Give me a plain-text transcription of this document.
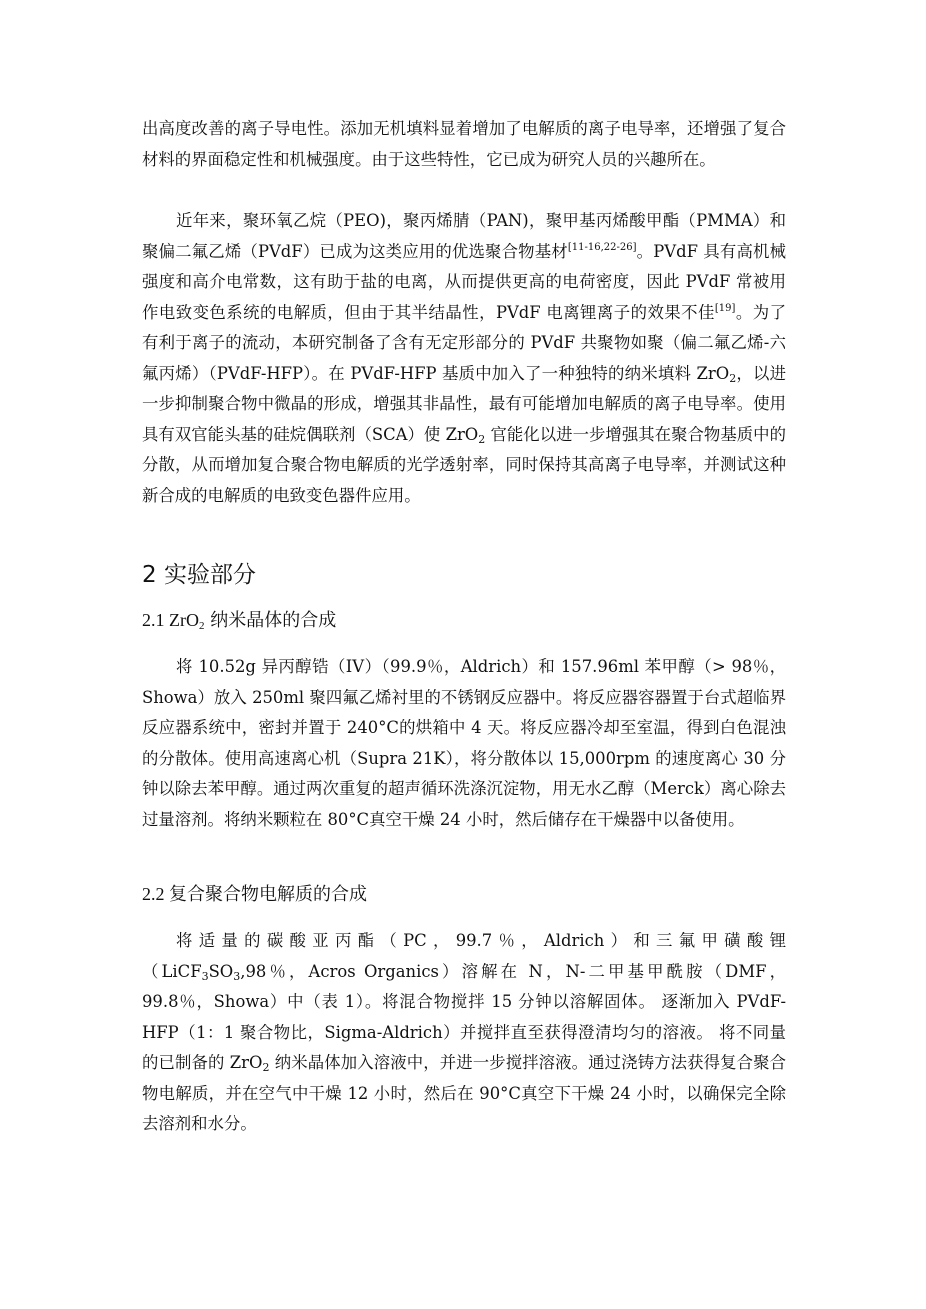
出高度改善的离子导电性。添加无机填料显着增加了电解质的离子电导率，还增强了复合材料的界面稳定性和机械强度。由于这些特性，它已成为研究人员的兴趣所在。

近年来，聚环氧乙烷（PEO)，聚丙烯腈（PAN)，聚甲基丙烯酸甲酯（PMMA）和聚偏二氟乙烯（PVdF）已成为这类应用的优选聚合物基材[11-16,22-26]。PVdF 具有高机械强度和高介电常数，这有助于盐的电离，从而提供更高的电荷密度，因此 PVdF 常被用作电致变色系统的电解质，但由于其半结晶性，PVdF 电离锂离子的效果不佳[19]。为了有利于离子的流动，本研究制备了含有无定形部分的 PVdF 共聚物如聚（偏二氟乙烯-六氟丙烯）（PVdF-HFP）。在 PVdF-HFP 基质中加入了一种独特的纳米填料 ZrO$_2$，以进一步抑制聚合物中微晶的形成，增强其非晶性，最有可能增加电解质的离子电导率。使用具有双官能头基的硅烷偶联剂（SCA）使 ZrO$_2$ 官能化以进一步增强其在聚合物基质中的分散，从而增加复合聚合物电解质的光学透射率，同时保持其高离子电导率，并测试这种新合成的电解质的电致变色器件应用。

2 实验部分
2.1 ZrO$_2$ 纳米晶体的合成

将 10.52g 异丙醇锆（IV）（99.9％，Aldrich）和 157.96ml 苯甲醇（> 98％，Showa）放入 250ml 聚四氟乙烯衬里的不锈钢反应器中。将反应器容器置于台式超临界反应器系统中，密封并置于 240°C的烘箱中 4 天。将反应器冷却至室温，得到白色混浊的分散体。使用高速离心机（Supra 21K），将分散体以 15,000rpm 的速度离心 30 分钟以除去苯甲醇。通过两次重复的超声循环洗涤沉淀物，用无水乙醇（Merck）离心除去过量溶剂。将纳米颗粒在 80°C真空干燥 24 小时，然后储存在干燥器中以备使用。

2.2 复合聚合物电解质的合成

将适量的碳酸亚丙酯（PC，99.7％，Aldrich）和三氟甲磺酸锂（$LiCF_3SO_3,98$％，Acros Organics）溶解在 N，N-二甲基甲酰胺（DMF，99.8％，Showa）中（表 1）。将混合物搅拌 15 分钟以溶解固体。 逐渐加入 PVdF-HFP（1：1 聚合物比，Sigma-Aldrich）并搅拌直至获得澄清均匀的溶液。 将不同量的已制备的 ZrO$_2$ 纳米晶体加入溶液中，并进一步搅拌溶液。通过浇铸方法获得复合聚合物电解质，并在空气中干燥 12 小时，然后在 90°C真空下干燥 24 小时，以确保完全除去溶剂和水分。
